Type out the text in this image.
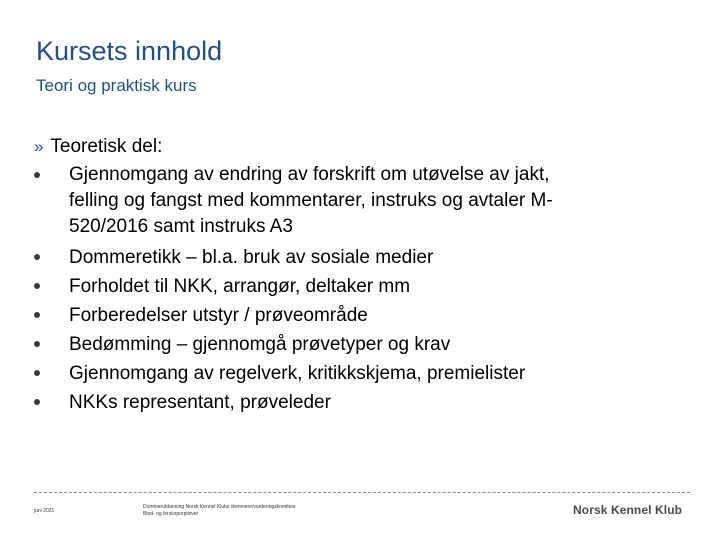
Kursets innhold
Teori og praktisk kurs
» Teoretisk del:
Gjennomgang av endring av forskrift om utøvelse av jakt, felling og fangst med kommentarer, instruks og avtaler M-520/2016 samt instruks A3
Dommeretikk – bl.a. bruk av sosiale medier
Forholdet til NKK, arrangør, deltaker mm
Forberedelser utstyr / prøveområde
Bedømming – gjennomgå prøvetyper og krav
Gjennomgang av regelverk, kritikkskjema, premielister
NKKs representant, prøveleder
juni 2021
Dommerutdanning Norsk Kennel Klubs dommere/vurderingskomiteer
Blod- og fersksporprøver	Norsk Kennel Klub
